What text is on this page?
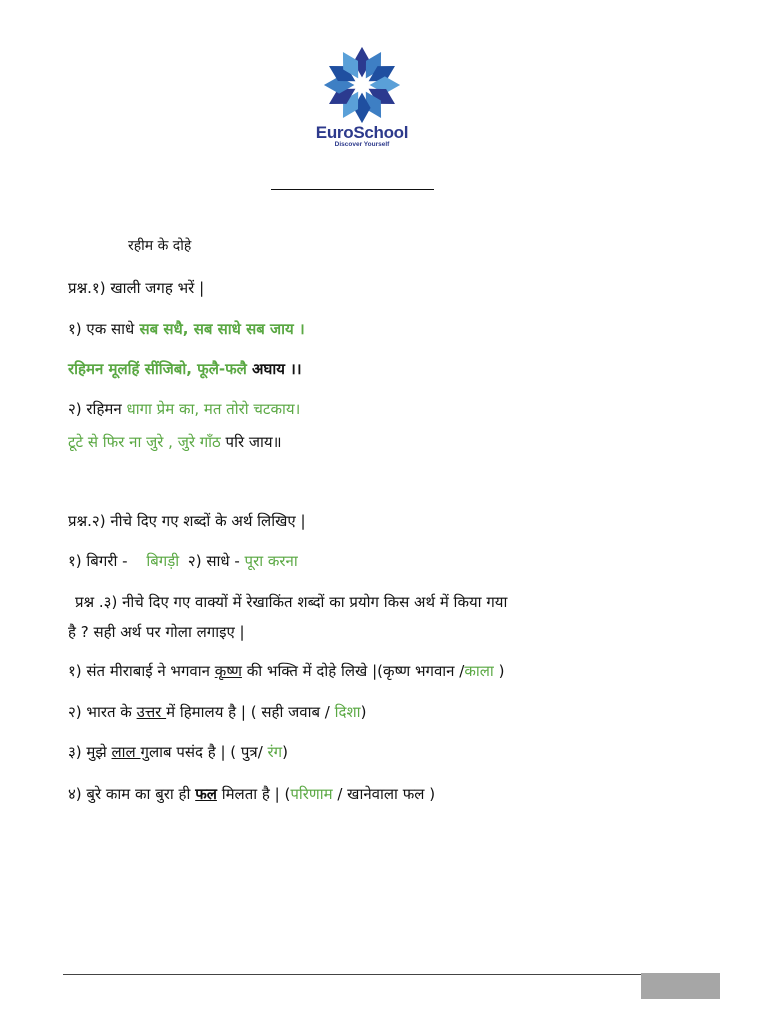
EuroSchool
Discover Yourself
रहीम के दोहे
प्रश्न.१) खाली जगह भरें |
१) एक साधे सब सधै, सब साधे सब जाय ।
रहिमन मूलहिं सींजिबो, फूलै-फलै अघाय ।।
२) रहिमन धागा प्रेम का, मत तोरो चटकाय।
टूटे से फिर ना जुरे , जुरे गाँठ परि जाय॥
प्रश्न.२) नीचे दिए गए शब्दों के अर्थ लिखिए |
१) बिगरी - बिगड़ी २) साधे - पूरा करना
प्रश्न .३) नीचे दिए गए वाक्यों में रेखाकिंत शब्दों का प्रयोग किस अर्थ में किया गया
है ? सही अर्थ पर गोला लगाइए |
१) संत मीराबाई ने भगवान कृष्ण की भक्ति में दोहे लिखे |(कृष्ण भगवान /काला )
२) भारत के उत्तर में हिमालय है | ( सही जवाब / दिशा)
३) मुझे लाल गुलाब पसंद है | ( पुत्र/ रंग)
४) बुरे काम का बुरा ही फल मिलता है | (परिणाम / खानेवाला फल )
